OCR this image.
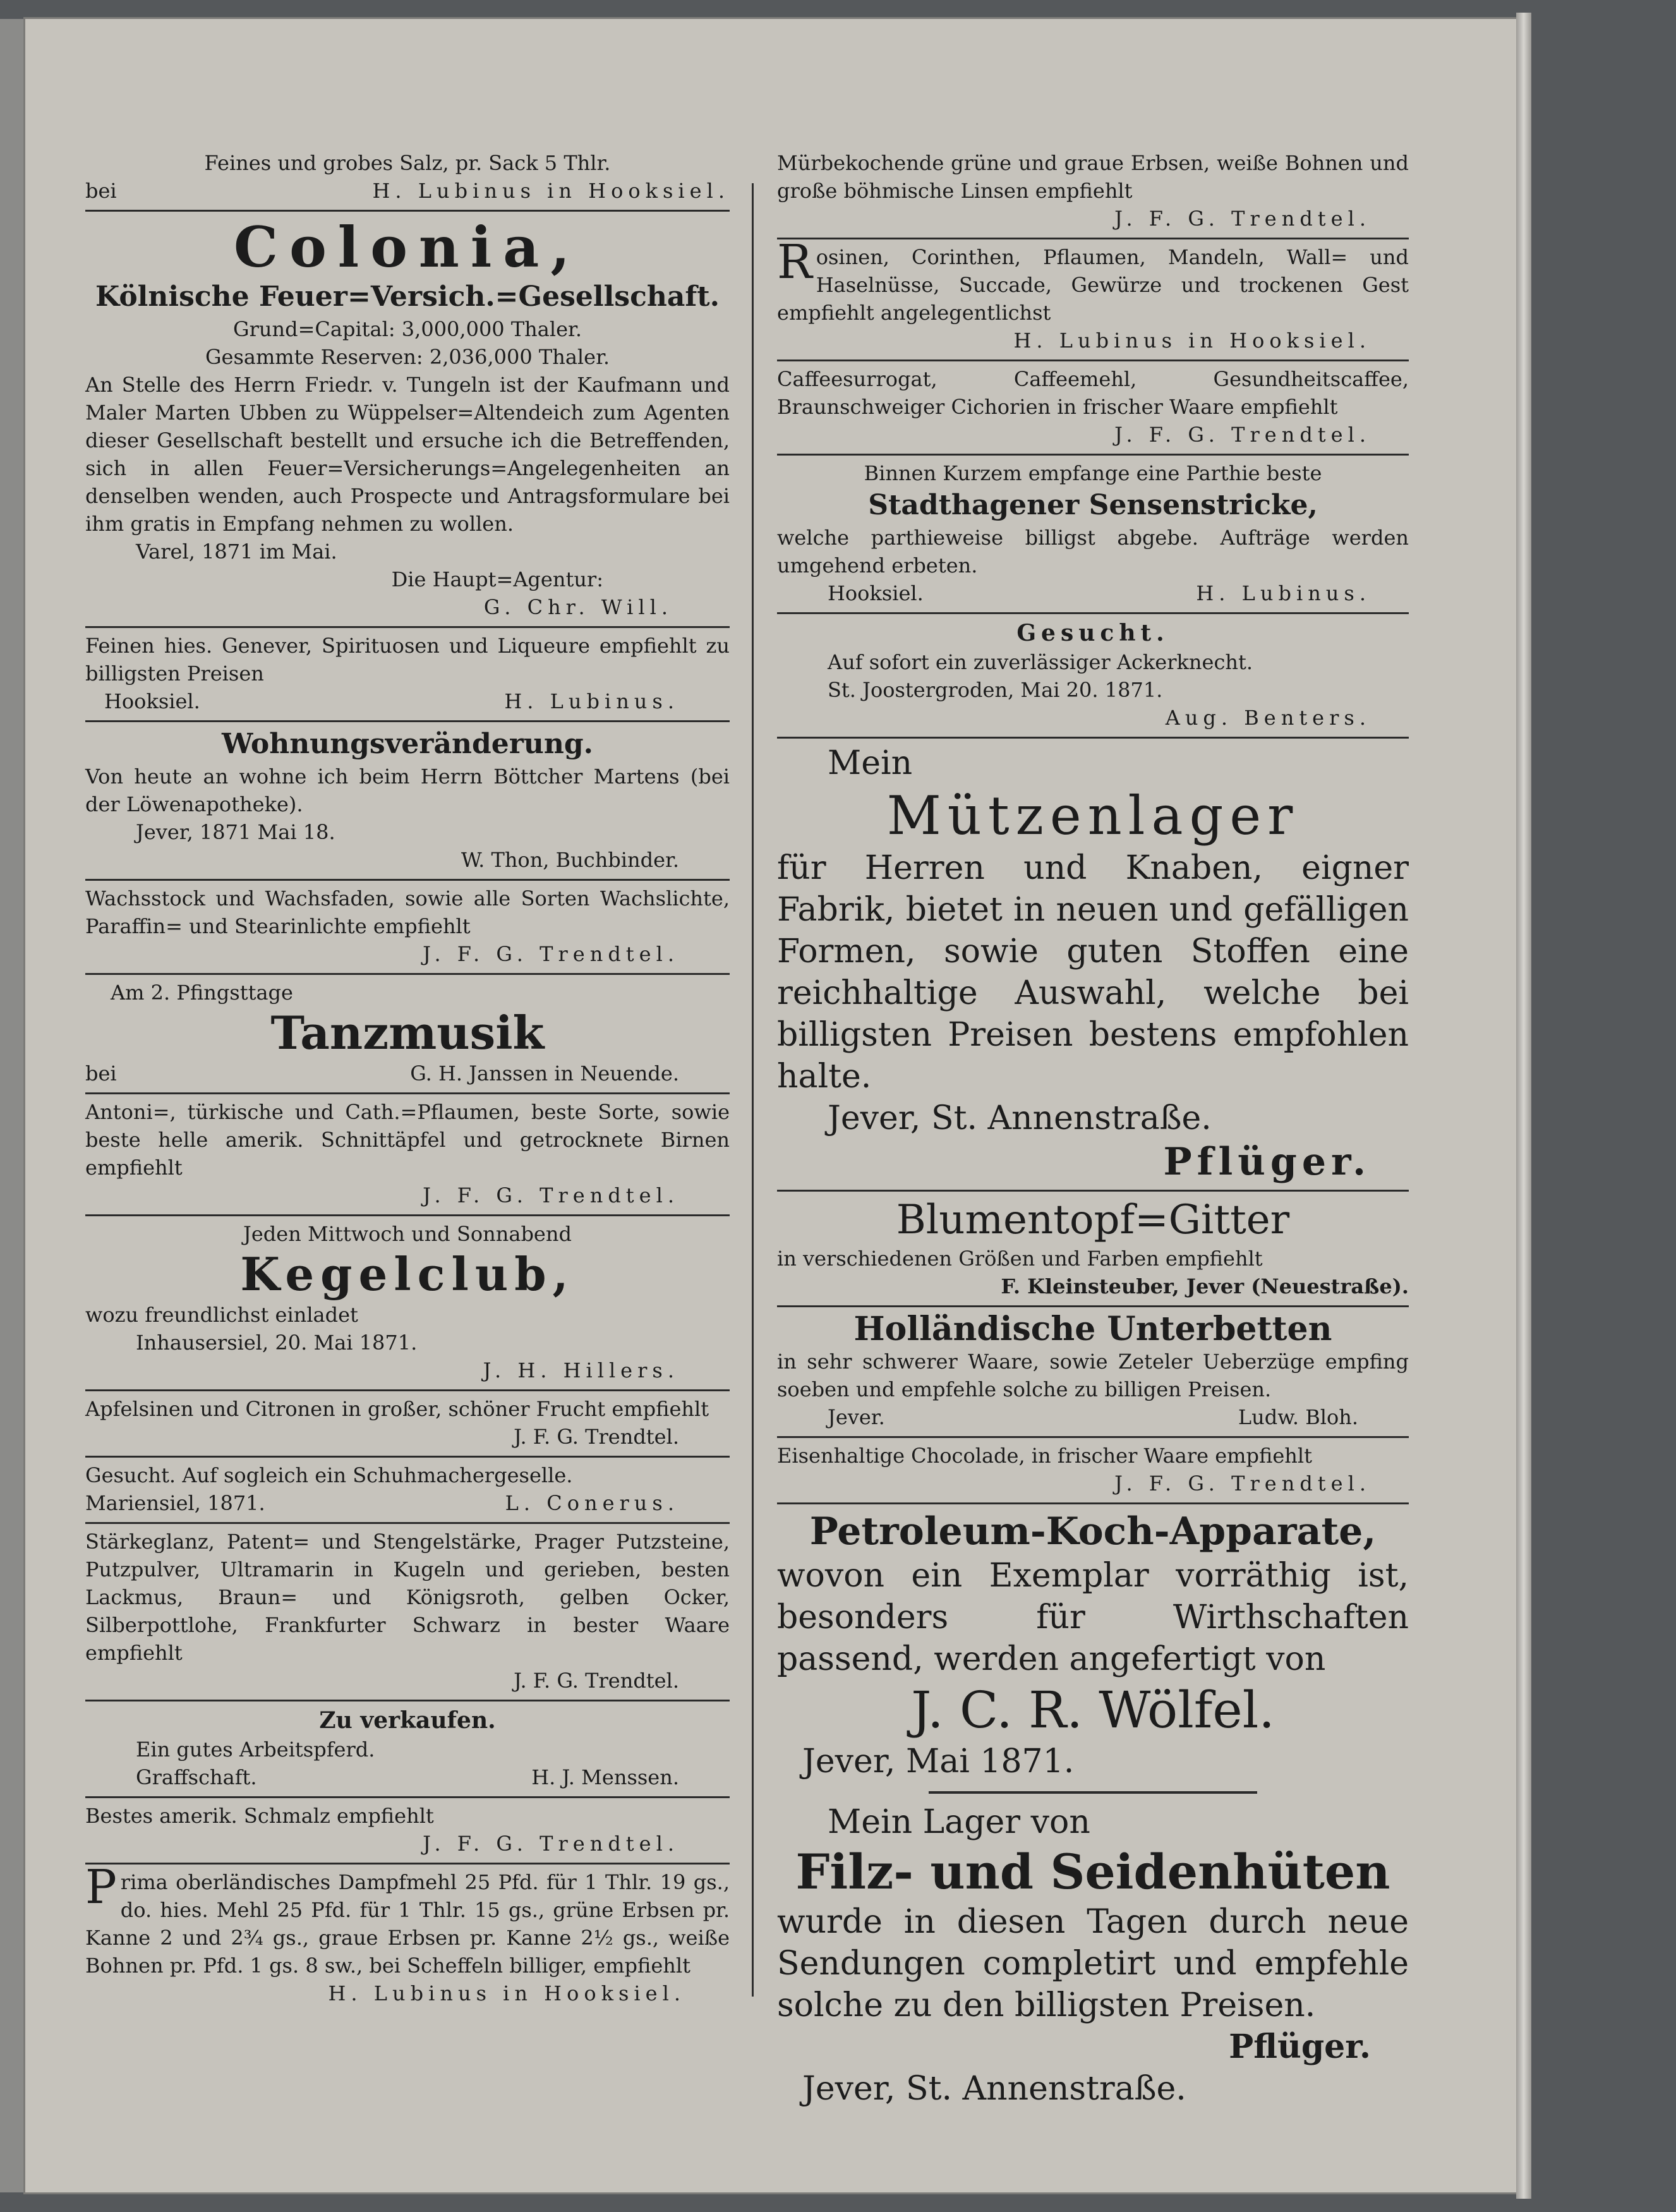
Feines und grobes Salz, pr. Sack 5 Thlr.

bei	H. Lubinus in Hooksiel.
Colonia,
Kölnische Feuer=Versich.=Gesellschaft.

Grund=Capital: 3,000,000 Thaler.

Gesammte Reserven: 2,036,000 Thaler.

An Stelle des Herrn Friedr. v. Tungeln ist der Kaufmann und Maler Marten Ubben zu Wüppelser=Altendeich zum Agenten dieser Gesellschaft bestellt und ersuche ich die Betreffenden, sich in allen Feuer=Versicherungs=Angelegenheiten an denselben wenden, auch Prospecte und Antragsformulare bei ihm gratis in Empfang nehmen zu wollen.

Varel, 1871 im Mai.

Die Haupt=Agentur:

G. Chr. Will.

Feinen hies. Genever, Spirituosen und Liqueure empfiehlt zu billigsten Preisen

Hooksiel.	H. Lubinus.
Wohnungsveränderung.

Von heute an wohne ich beim Herrn Böttcher Martens (bei der Löwenapotheke).

Jever, 1871 Mai 18.

W. Thon, Buchbinder.

Wachsstock und Wachsfaden, sowie alle Sorten Wachslichte, Paraffin= und Stearinlichte empfiehlt

J. F. G. Trendtel.

Am 2. Pfingsttage

Tanzmusik
bei	G. H. Janssen in Neuende.

Antoni=, türkische und Cath.=Pflaumen, beste Sorte, sowie beste helle amerik. Schnittäpfel und getrocknete Birnen empfiehlt

J. F. G. Trendtel.

Jeden Mittwoch und Sonnabend

Kegelclub,

wozu freundlichst einladet

Inhausersiel, 20. Mai 1871.

J. H. Hillers.

Apfelsinen und Citronen in großer, schöner Frucht empfiehlt

J. F. G. Trendtel.

Gesucht. Auf sogleich ein Schuhmachergeselle.

Mariensiel, 1871.	L. Conerus.

Stärkeglanz, Patent= und Stengelstärke, Prager Putzsteine, Putzpulver, Ultramarin in Kugeln und gerieben, besten Lackmus, Braun= und Königsroth, gelben Ocker, Silberpottlohe, Frankfurter Schwarz in bester Waare empfiehlt

J. F. G. Trendtel.

Zu verkaufen.

Ein gutes Arbeitspferd.

Graffschaft.	H. J. Menssen.

Bestes amerik. Schmalz empfiehlt

J. F. G. Trendtel.

Prima oberländisches Dampfmehl 25 Pfd. für 1 Thlr. 19 gs., do. hies. Mehl 25 Pfd. für 1 Thlr. 15 gs., grüne Erbsen pr. Kanne 2 und 2¾ gs., graue Erbsen pr. Kanne 2½ gs., weiße Bohnen pr. Pfd. 1 gs. 8 sw., bei Scheffeln billiger, empfiehlt

H. Lubinus in Hooksiel.

Mürbekochende grüne und graue Erbsen, weiße Bohnen und große böhmische Linsen empfiehlt

J. F. G. Trendtel.

Rosinen, Corinthen, Pflaumen, Mandeln, Wall= und Haselnüsse, Succade, Gewürze und trockenen Gest empfiehlt angelegentlichst

H. Lubinus in Hooksiel.

Caffeesurrogat, Caffeemehl, Gesundheitscaffee, Braunschweiger Cichorien in frischer Waare empfiehlt

J. F. G. Trendtel.

Binnen Kurzem empfange eine Parthie beste

Stadthagener Sensenstricke,

welche parthieweise billigst abgebe. Aufträge werden umgehend erbeten.

Hooksiel.	H. Lubinus.
Gesucht.

Auf sofort ein zuverlässiger Ackerknecht.

St. Joostergroden, Mai 20. 1871.

Aug. Benters.

Mein

Mützenlager

für Herren und Knaben, eigner Fabrik, bietet in neuen und gefälligen Formen, sowie guten Stoffen eine reichhaltige Auswahl, welche bei billigsten Preisen bestens empfohlen halte.

Jever, St. Annenstraße.

Pflüger.

Blumentopf=Gitter

in verschiedenen Größen und Farben empfiehlt

F. Kleinsteuber, Jever (Neuestraße).

Holländische Unterbetten

in sehr schwerer Waare, sowie Zeteler Ueberzüge empfing soeben und empfehle solche zu billigen Preisen.

Jever.	Ludw. Bloh.

Eisenhaltige Chocolade, in frischer Waare empfiehlt

J. F. G. Trendtel.

Petroleum-Koch-Apparate,

wovon ein Exemplar vorräthig ist, besonders für Wirthschaften passend, werden angefertigt von

J. C. R. Wölfel.

Jever, Mai 1871.

Mein Lager von

Filz- und Seidenhüten

wurde in diesen Tagen durch neue Sendungen completirt und empfehle solche zu den billigsten Preisen.

Pflüger.

Jever, St. Annenstraße.
